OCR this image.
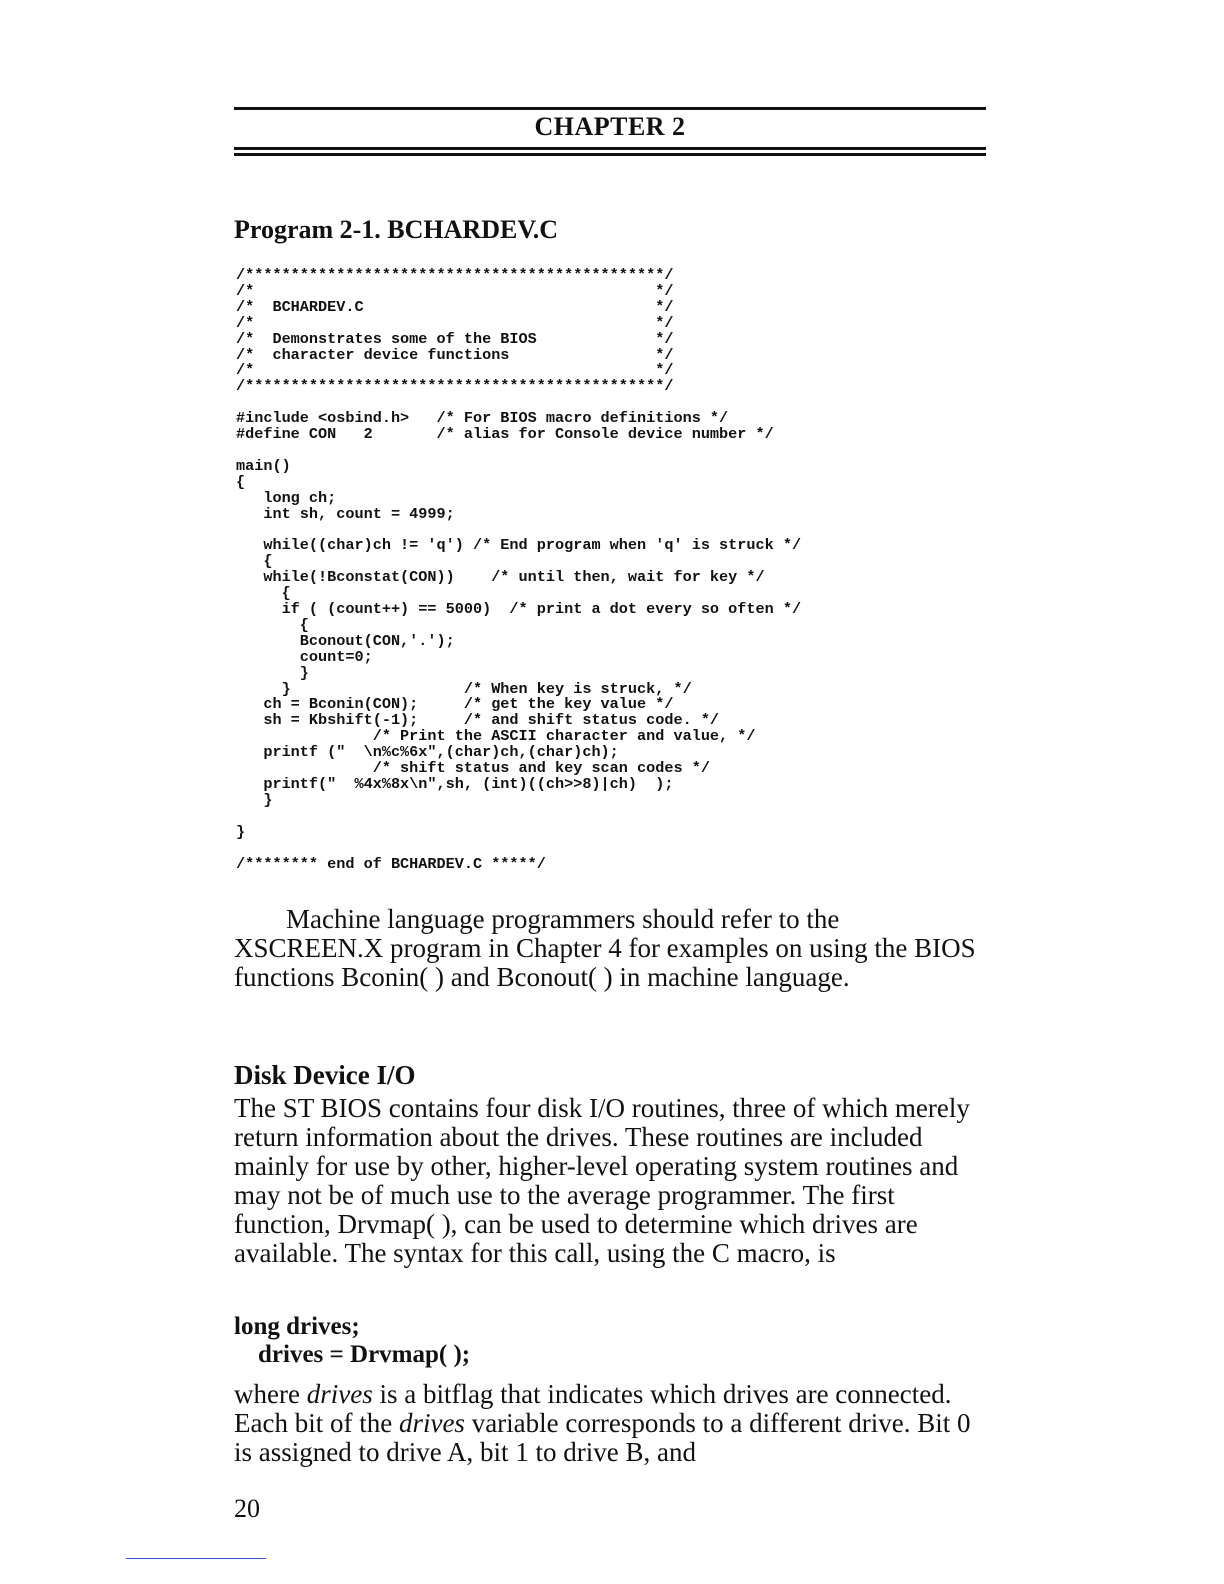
CHAPTER 2
Program 2-1. BCHARDEV.C
/**********************************************/
/*                                            */
/*  BCHARDEV.C                                */
/*                                            */
/*  Demonstrates some of the BIOS             */
/*  character device functions                */
/*                                            */
/**********************************************/

#include <osbind.h>   /* For BIOS macro definitions */
#define CON   2       /* alias for Console device number */

main()
{
long ch;
int sh, count = 4999;

while((char)ch != 'q') /* End program when 'q' is struck */
{
while(!Bconstat(CON))    /* until then, wait for key */
{
if ( (count++) == 5000)  /* print a dot every so often */
{
Bconout(CON,'.');
count=0;
}
}                   /* When key is struck, */
ch = Bconin(CON);     /* get the key value */
sh = Kbshift(-1);     /* and shift status code. */
/* Print the ASCII character and value, */
printf ("  \n%c%6x",(char)ch,(char)ch);
/* shift status and key scan codes */
printf("  %4x%8x\n",sh, (int)((ch>>8)|ch)  );
}

}

/******** end of BCHARDEV.C *****/

Machine language programmers should refer to the XSCREEN.X program in Chapter 4 for examples on using the BIOS functions Bconin( ) and Bconout( ) in machine language.

Disk Device I/O

The ST BIOS contains four disk I/O routines, three of which merely return information about the drives. These routines are included mainly for use by other, higher-level operating system routines and may not be of much use to the average programmer. The first function, Drvmap( ), can be used to determine which drives are available. The syntax for this call, using the C macro, is

long drives;
drives = Drvmap( );

where drives is a bitflag that indicates which drives are connected. Each bit of the drives variable corresponds to a different drive. Bit 0 is assigned to drive A, bit 1 to drive B, and

20
